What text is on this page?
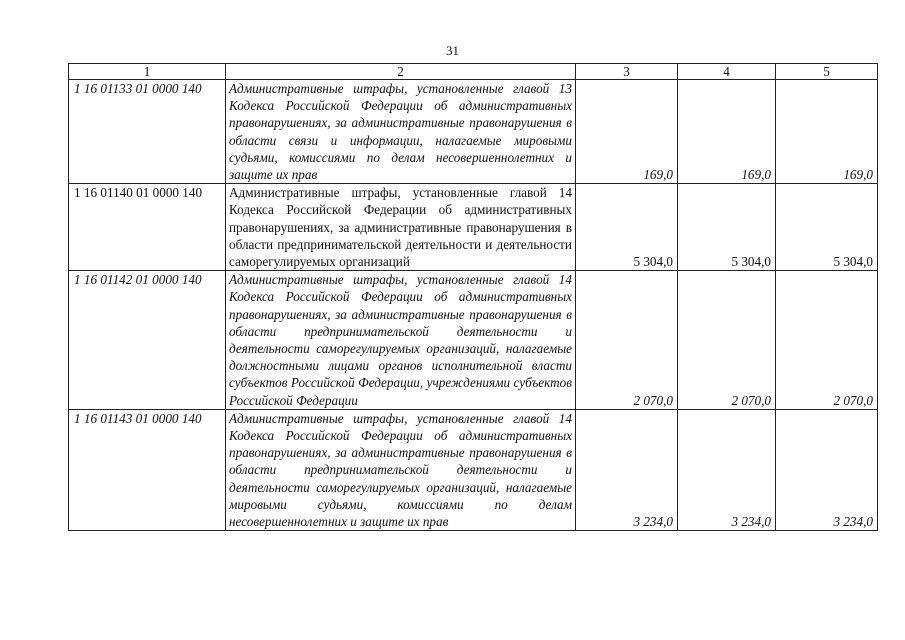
31
1	2	3	4	5
1 16 01133 01 0000 140	Административные штрафы, установленные главой 13 Кодекса Российской Федерации об административных правонарушениях, за административные правонарушения в области связи и информации, налагаемые мировыми судьями, комиссиями по делам несовершеннолетних и защите их прав	169,0	169,0	169,0
1 16 01140 01 0000 140	Административные штрафы, установленные главой 14 Кодекса Российской Федерации об административных правонарушениях, за административные правонарушения в области предпринимательской деятельности и деятельности саморегулируемых организаций	5 304,0	5 304,0	5 304,0
1 16 01142 01 0000 140	Административные штрафы, установленные главой 14 Кодекса Российской Федерации об административных правонарушениях, за административные правонарушения в области предпринимательской деятельности и деятельности саморегулируемых организаций, налагаемые должностными лицами органов исполнительной власти субъектов Российской Федерации, учреждениями субъектов Российской Федерации	2 070,0	2 070,0	2 070,0
1 16 01143 01 0000 140	Административные штрафы, установленные главой 14 Кодекса Российской Федерации об административных правонарушениях, за административные правонарушения в области предпринимательской деятельности и деятельности саморегулируемых организаций, налагаемые мировыми судьями, комиссиями по делам несовершеннолетних и защите их прав	3 234,0	3 234,0	3 234,0
